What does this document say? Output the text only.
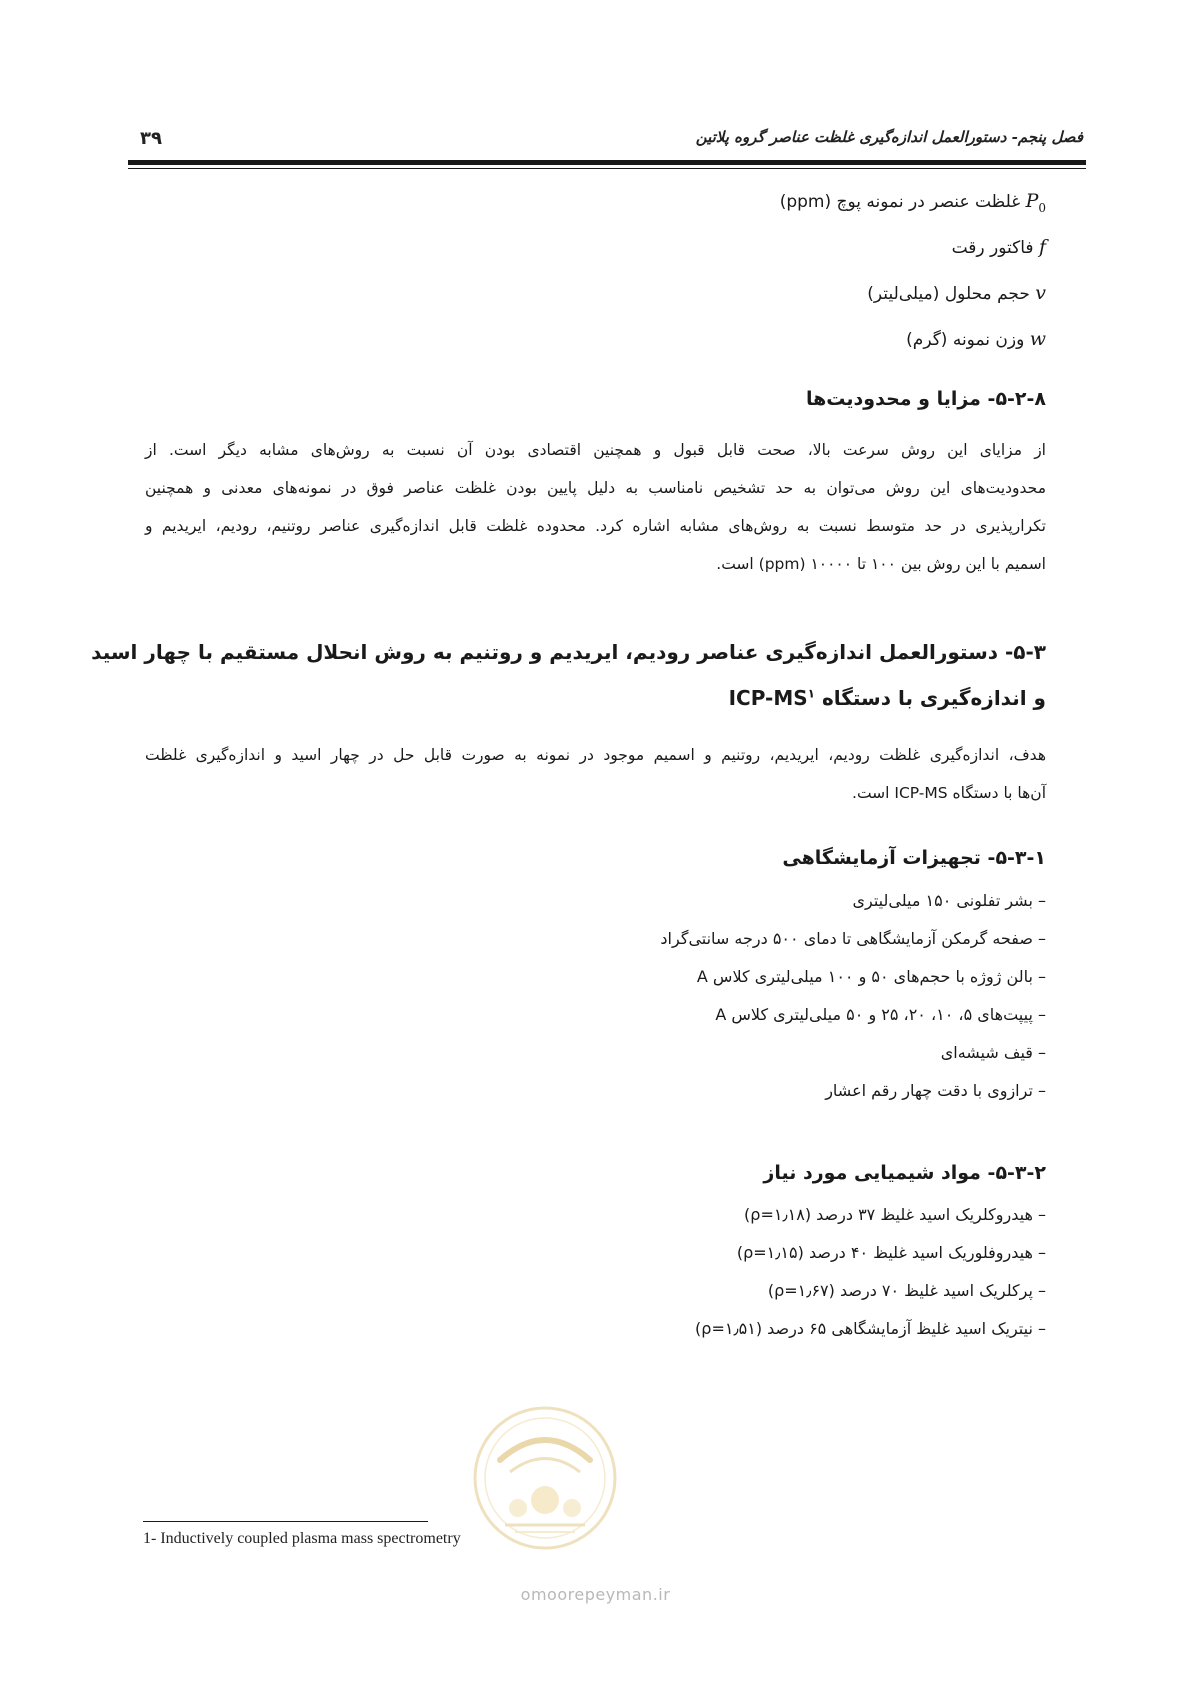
فصل پنجم- دستورالعمل اندازه‌گیری غلظت عناصر گروه پلاتین
۳۹
$P_0$ غلظت عنصر در نمونه پوچ (ppm)
f فاکتور رقت
v حجم محلول (میلی‌لیتر)
w وزن نمونه (گرم)
۵-۲-۸- مزایا و محدودیت‌ها
از مزایای این روش سرعت بالا، صحت قابل قبول و همچنین اقتصادی بودن آن نسبت به روش‌های مشابه دیگر است. از
محدودیت‌های این روش می‌توان به حد تشخیص نامناسب به دلیل پایین بودن غلظت عناصر فوق در نمونه‌های معدنی و همچنین
تکرارپذیری در حد متوسط نسبت به روش‌های مشابه اشاره کرد. محدوده غلظت قابل اندازه‌گیری عناصر روتنیم، رودیم، ایریدیم و
اسمیم با این روش بین ۱۰۰ تا ۱۰۰۰۰ (ppm) است.
۵-۳- دستورالعمل اندازه‌گیری عناصر رودیم، ایریدیم و روتنیم به روش انحلال مستقیم با چهار اسید
و اندازه‌گیری با دستگاه ICP-$MS^۱$
هدف، اندازه‌گیری غلظت رودیم، ایریدیم، روتنیم و اسمیم موجود در نمونه به صورت قابل حل در چهار اسید و اندازه‌گیری غلظت
آن‌ها با دستگاه ICP-MS است.
۵-۳-۱- تجهیزات آزمایشگاهی
– بشر تفلونی ۱۵۰ میلی‌لیتری
– صفحه گرمکن آزمایشگاهی تا دمای ۵۰۰ درجه سانتی‌گراد
– بالن ژوژه با حجم‌های ۵۰ و ۱۰۰ میلی‌لیتری کلاس A
– پیپت‌های ۵، ۱۰، ۲۰، ۲۵ و ۵۰ میلی‌لیتری کلاس A
– قیف شیشه‌ای
– ترازوی با دقت چهار رقم اعشار
۵-۳-۲- مواد شیمیایی مورد نیاز
– هیدروکلریک اسید غلیظ ۳۷ درصد (ρ=۱٫۱۸)
– هیدروفلوریک اسید غلیظ ۴۰ درصد (ρ=۱٫۱۵)
– پرکلریک اسید غلیظ ۷۰ درصد (ρ=۱٫۶۷)
– نیتریک اسید غلیظ آزمایشگاهی ۶۵ درصد (ρ=۱٫۵۱)
omoorepeyman.ir
1- Inductively coupled plasma mass spectrometry
